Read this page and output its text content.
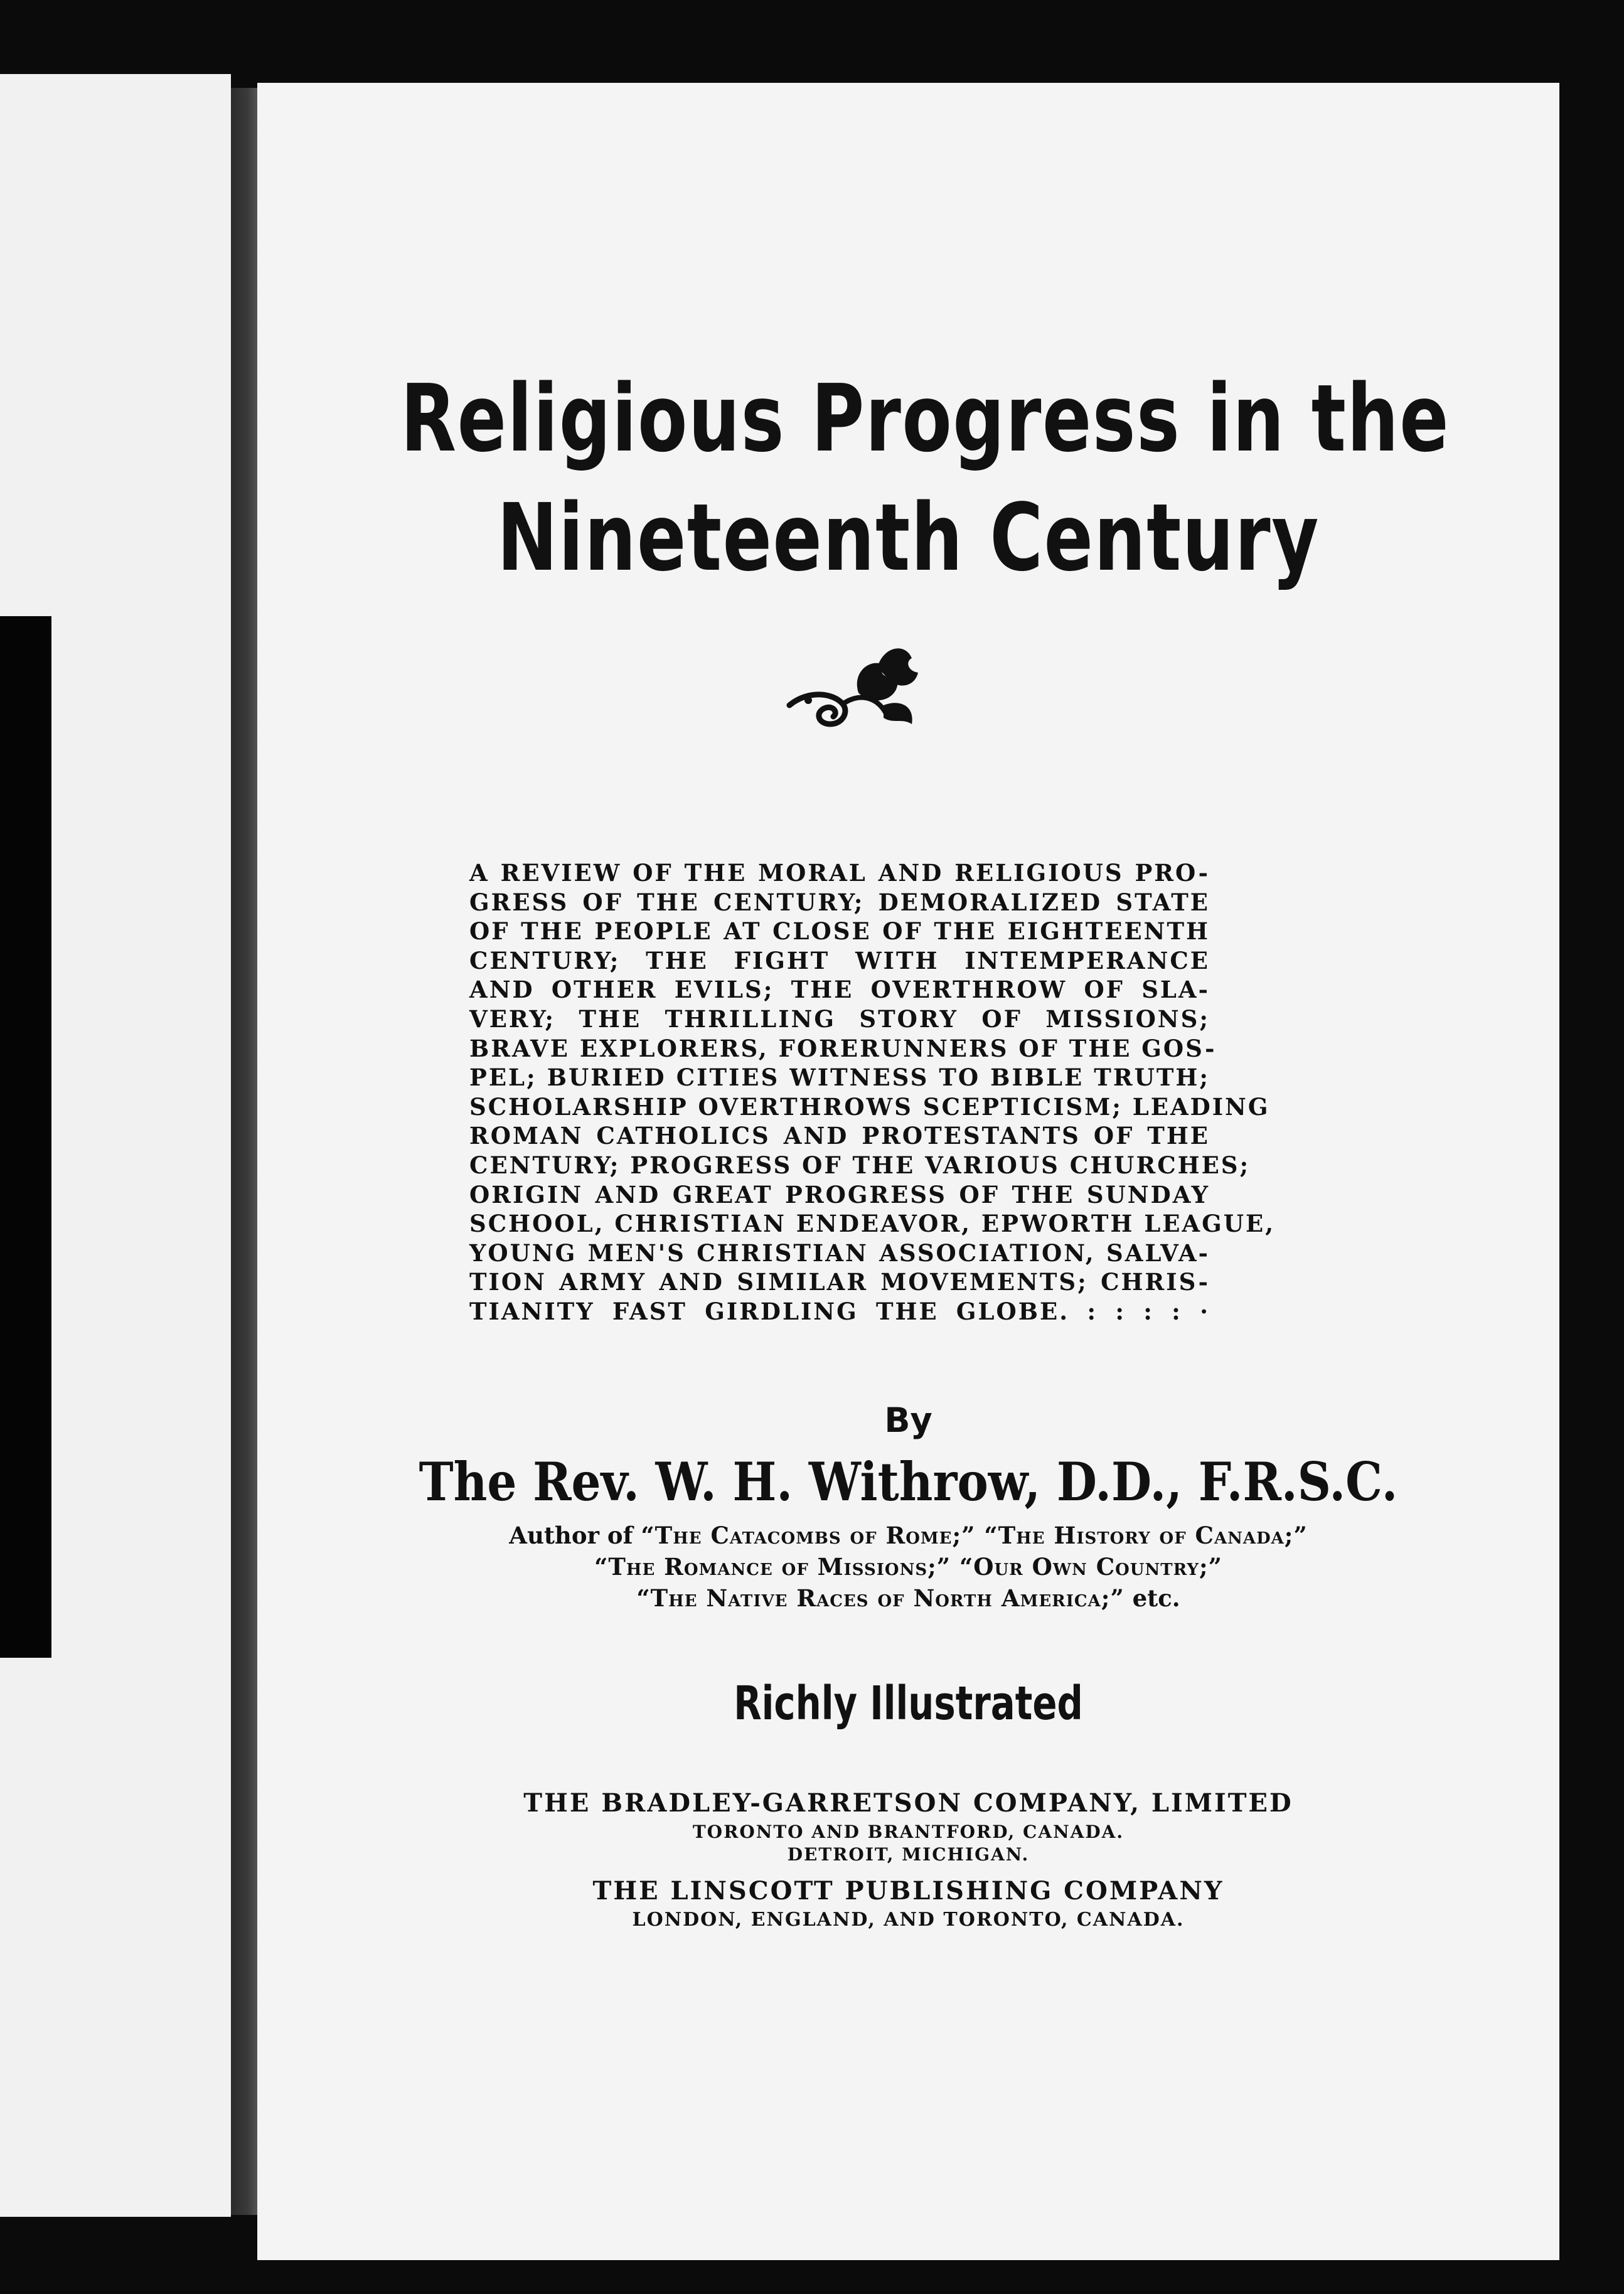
Religious Progress in the
Nineteenth Century
A REVIEW OF THE MORAL AND RELIGIOUS PRO-
GRESS OF THE CENTURY; DEMORALIZED STATE
OF THE PEOPLE AT CLOSE OF THE EIGHTEENTH
CENTURY; THE FIGHT WITH INTEMPERANCE
AND OTHER EVILS; THE OVERTHROW OF SLA-
VERY; THE THRILLING STORY OF MISSIONS;
BRAVE EXPLORERS, FORERUNNERS OF THE GOS-
PEL; BURIED CITIES WITNESS TO BIBLE TRUTH;
SCHOLARSHIP OVERTHROWS SCEPTICISM; LEADING
ROMAN CATHOLICS AND PROTESTANTS OF THE
CENTURY; PROGRESS OF THE VARIOUS CHURCHES;
ORIGIN AND GREAT PROGRESS OF THE SUNDAY
SCHOOL, CHRISTIAN ENDEAVOR, EPWORTH LEAGUE,
YOUNG MEN'S CHRISTIAN ASSOCIATION, SALVA-
TION ARMY AND SIMILAR MOVEMENTS; CHRIS-
TIANITY FAST GIRDLING THE GLOBE. : : : : ·
By
The Rev. W. H. Withrow, D.D., F.R.S.C.
Author of “The Catacombs of Rome;” “The History of Canada;”
“The Romance of Missions;” “Our Own Country;”
“The Native Races of North America;” etc.
Richly Illustrated
THE BRADLEY-GARRETSON COMPANY, LIMITED
TORONTO AND BRANTFORD, CANADA.
DETROIT, MICHIGAN.
THE LINSCOTT PUBLISHING COMPANY
LONDON, ENGLAND, AND TORONTO, CANADA.
